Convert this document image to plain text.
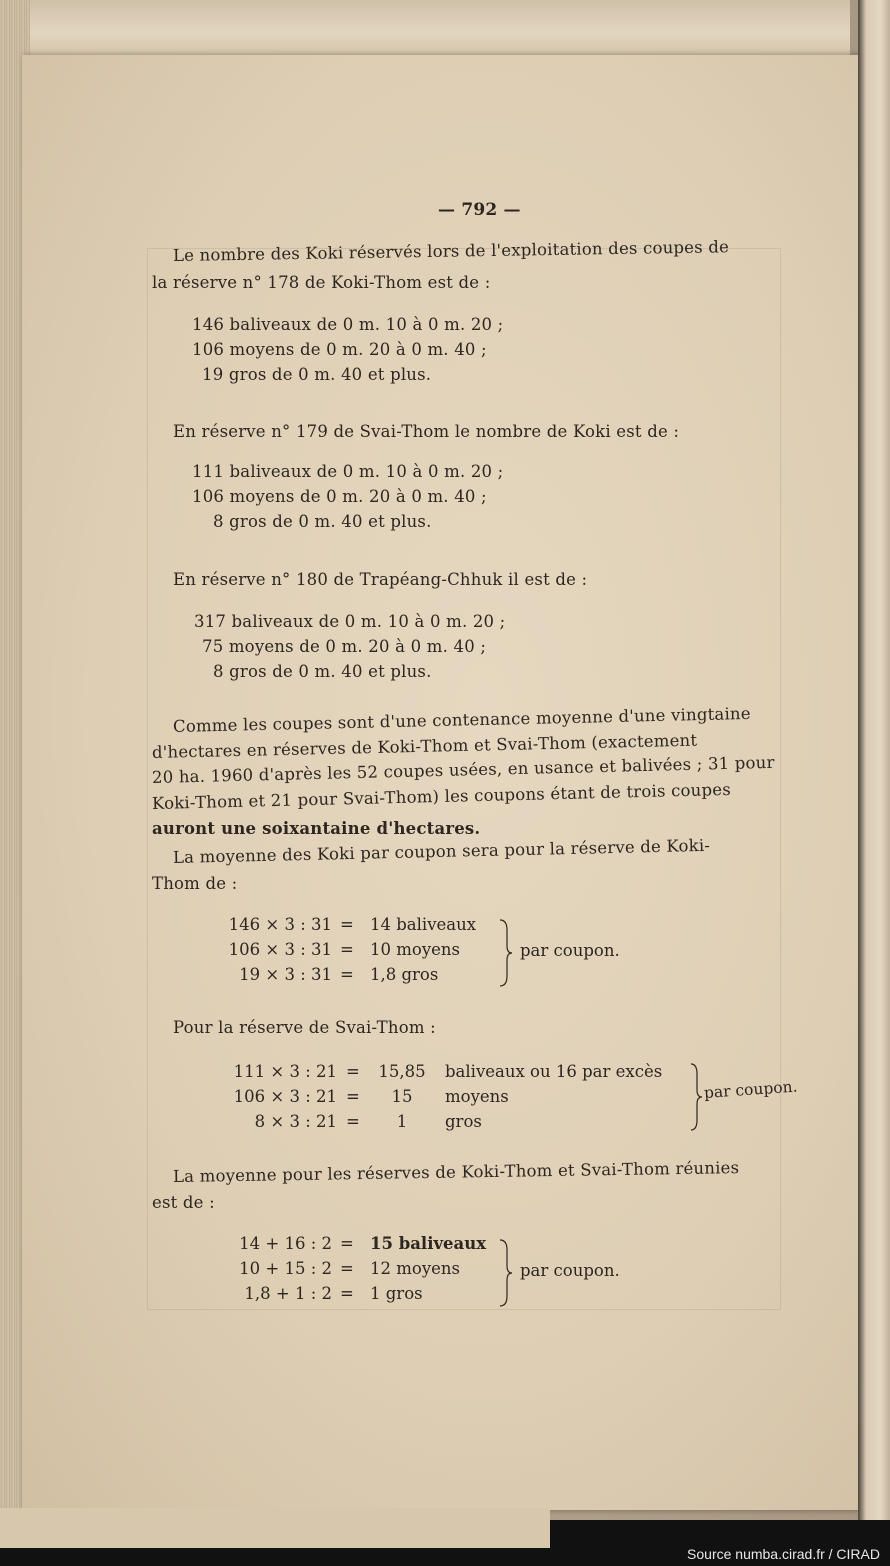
Source numba.cirad.fr / CIRAD
— 792 —
Le nombre des Koki réservés lors de l'exploitation des coupes de
la réserve n° 178 de Koki-Thom est de :
146 baliveaux de 0 m. 10 à 0 m. 20 ;
106 moyens de 0 m. 20 à 0 m. 40 ;
19 gros de 0 m. 40 et plus.
En réserve n° 179 de Svai-Thom le nombre de Koki est de :
111 baliveaux de 0 m. 10 à 0 m. 20 ;
106 moyens de 0 m. 20 à 0 m. 40 ;
8 gros de 0 m. 40 et plus.
En réserve n° 180 de Trapéang-Chhuk il est de :
317 baliveaux de 0 m. 10 à 0 m. 20 ;
75 moyens de 0 m. 20 à 0 m. 40 ;
8 gros de 0 m. 40 et plus.
Comme les coupes sont d'une contenance moyenne d'une vingtaine
d'hectares en réserves de Koki-Thom et Svai-Thom (exactement
20 ha. 1960 d'après les 52 coupes usées, en usance et balivées ; 31 pour
Koki-Thom et 21 pour Svai-Thom) les coupons étant de trois coupes
auront une soixantaine d'hectares.
La moyenne des Koki par coupon sera pour la réserve de Koki-
Thom de :
146 × 3 : 31 = 14 baliveaux
106 × 3 : 31 = 10 moyens
19 × 3 : 31 = 1,8 gros
par coupon.
Pour la réserve de Svai-Thom :
111 × 3 : 21 =	15,85	baliveaux ou 16 par excès
106 × 3 : 21 =	15	moyens
8 × 3 : 21 =	1	gros
par coupon.
La moyenne pour les réserves de Koki-Thom et Svai-Thom réunies
est de :
14 + 16 : 2 = 15 baliveaux
10 + 15 : 2 = 12 moyens
1,8 + 1 : 2 = 1 gros
par coupon.
